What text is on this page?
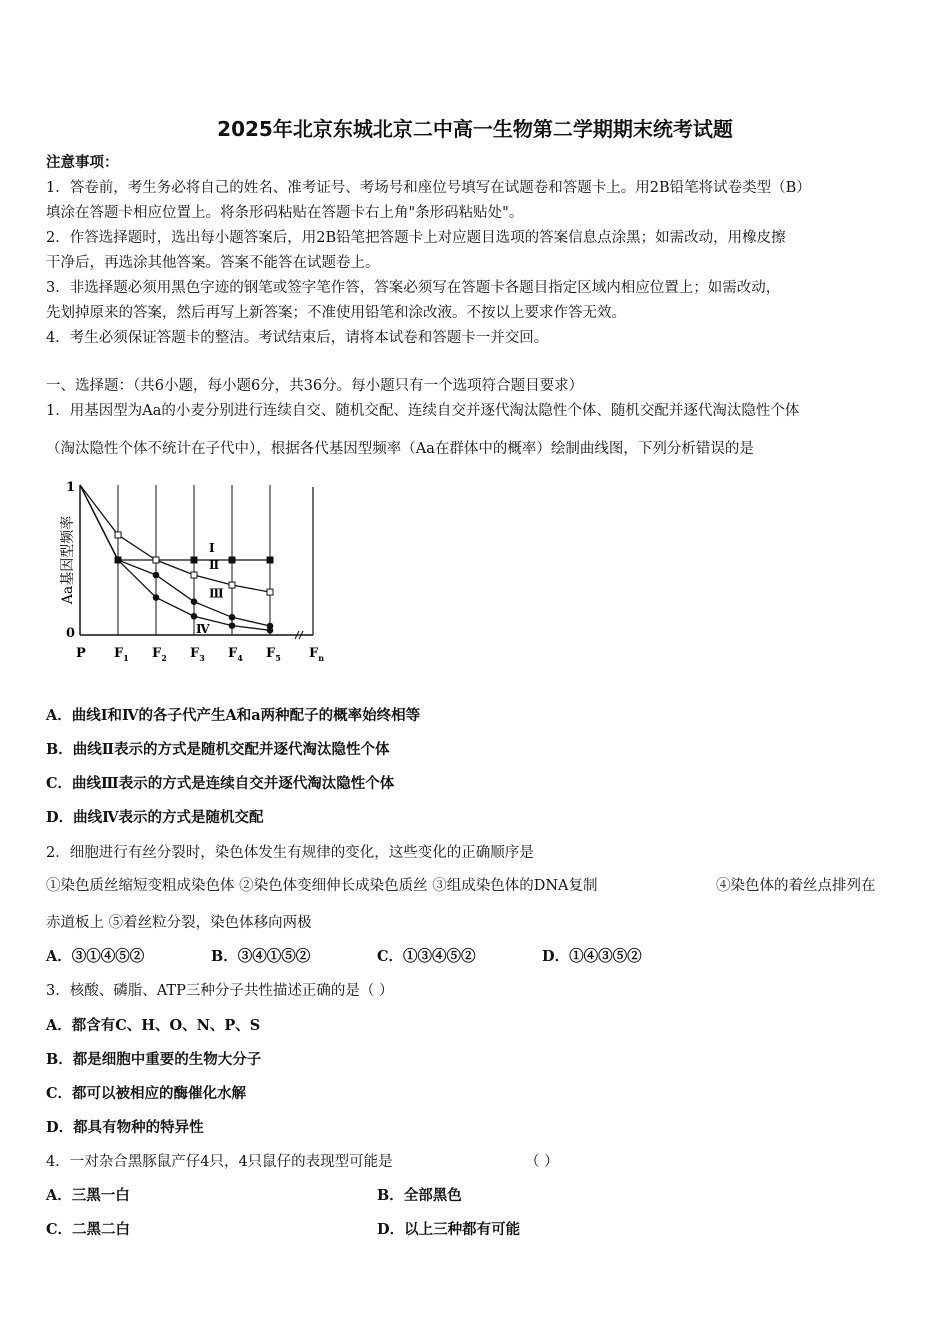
2025年北京东城北京二中高一生物第二学期期末统考试题
注意事项：
1．答卷前，考生务必将自己的姓名、准考证号、考场号和座位号填写在试题卷和答题卡上。用2B铅笔将试卷类型（B）
填涂在答题卡相应位置上。将条形码粘贴在答题卡右上角"条形码粘贴处"。
2．作答选择题时，选出每小题答案后，用2B铅笔把答题卡上对应题目选项的答案信息点涂黑；如需改动，用橡皮擦
干净后，再选涂其他答案。答案不能答在试题卷上。
3．非选择题必须用黑色字迹的钢笔或签字笔作答，答案必须写在答题卡各题目指定区域内相应位置上；如需改动，
先划掉原来的答案，然后再写上新答案；不准使用铅笔和涂改液。不按以上要求作答无效。
4．考生必须保证答题卡的整洁。考试结束后，请将本试卷和答题卡一并交回。
一、选择题：（共6小题，每小题6分，共36分。每小题只有一个选项符合题目要求）
1．用基因型为Aa的小麦分别进行连续自交、随机交配、连续自交并逐代淘汰隐性个体、随机交配并逐代淘汰隐性个体
（淘汰隐性个体不统计在子代中），根据各代基因型频率（Aa在群体中的概率）绘制曲线图，下列分析错误的是
1
0
Aa基因型频率
P $F_1$ $F_2$ $F_3$ $F_4$ $F_5$ $F_n$
Ⅰ
Ⅱ
Ⅲ
Ⅳ
A．曲线Ⅰ和Ⅳ的各子代产生A和a两种配子的概率始终相等
B．曲线Ⅱ表示的方式是随机交配并逐代淘汰隐性个体
C．曲线Ⅲ表示的方式是连续自交并逐代淘汰隐性个体
D．曲线Ⅳ表示的方式是随机交配
2．细胞进行有丝分裂时，染色体发生有规律的变化，这些变化的正确顺序是
①染色质丝缩短变粗成染色体 ②染色体变细伸长成染色质丝 ③组成染色体的DNA复制	④染色体的着丝点排列在
赤道板上 ⑤着丝粒分裂，染色体移向两极
A．③①④⑤②	B．③④①⑤②	C．①③④⑤②	D．①④③⑤②
3．核酸、磷脂、ATP三种分子共性描述正确的是（ ）
A．都含有C、H、O、N、P、S
B．都是细胞中重要的生物大分子
C．都可以被相应的酶催化水解
D．都具有物种的特异性
4．一对杂合黑豚鼠产仔4只，4只鼠仔的表现型可能是	（ ）
A．三黑一白	B．全部黑色
C．二黑二白	D．以上三种都有可能
